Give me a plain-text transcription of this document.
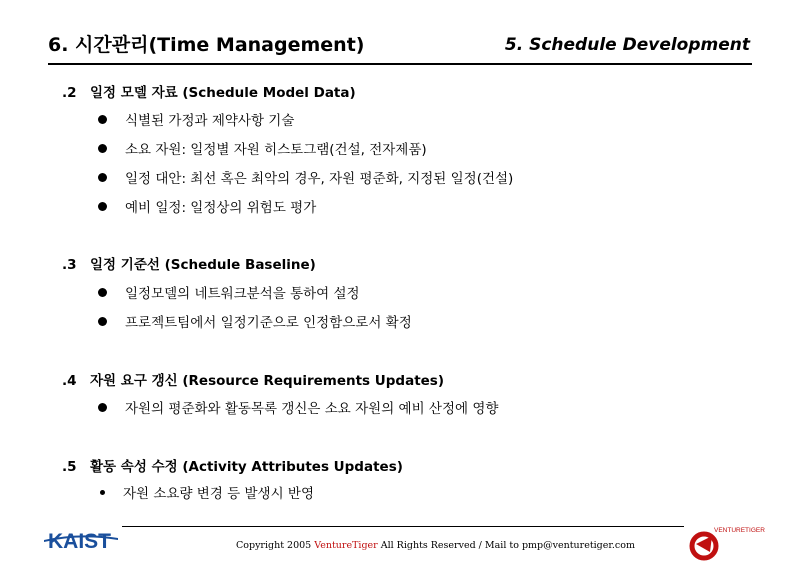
6. 시간관리(Time Management)	5. Schedule Development
.2 일정 모델 자료 (Schedule Model Data)
식별된 가정과 제약사항 기술
소요 자원: 일정별 자원 히스토그램(건설, 전자제품)
일정 대안: 최선 혹은 최악의 경우, 자원 평준화, 지정된 일정(건설)
예비 일정: 일정상의 위험도 평가
.3 일정 기준선 (Schedule Baseline)
일정모델의 네트워크분석을 통하여 설정
프로젝트팀에서 일정기준으로 인정함으로서 확정
.4 자원 요구 갱신 (Resource Requirements Updates)
자원의 평준화와 활동목록 갱신은 소요 자원의 예비 산정에 영향
.5 활동 속성 수정 (Activity Attributes Updates)
자원 소요량 변경 등 발생시 반영
Copyright 2005 VentureTiger All Rights Reserved / Mail to pmp@venturetiger.com
KAIST	VENTURETIGER
